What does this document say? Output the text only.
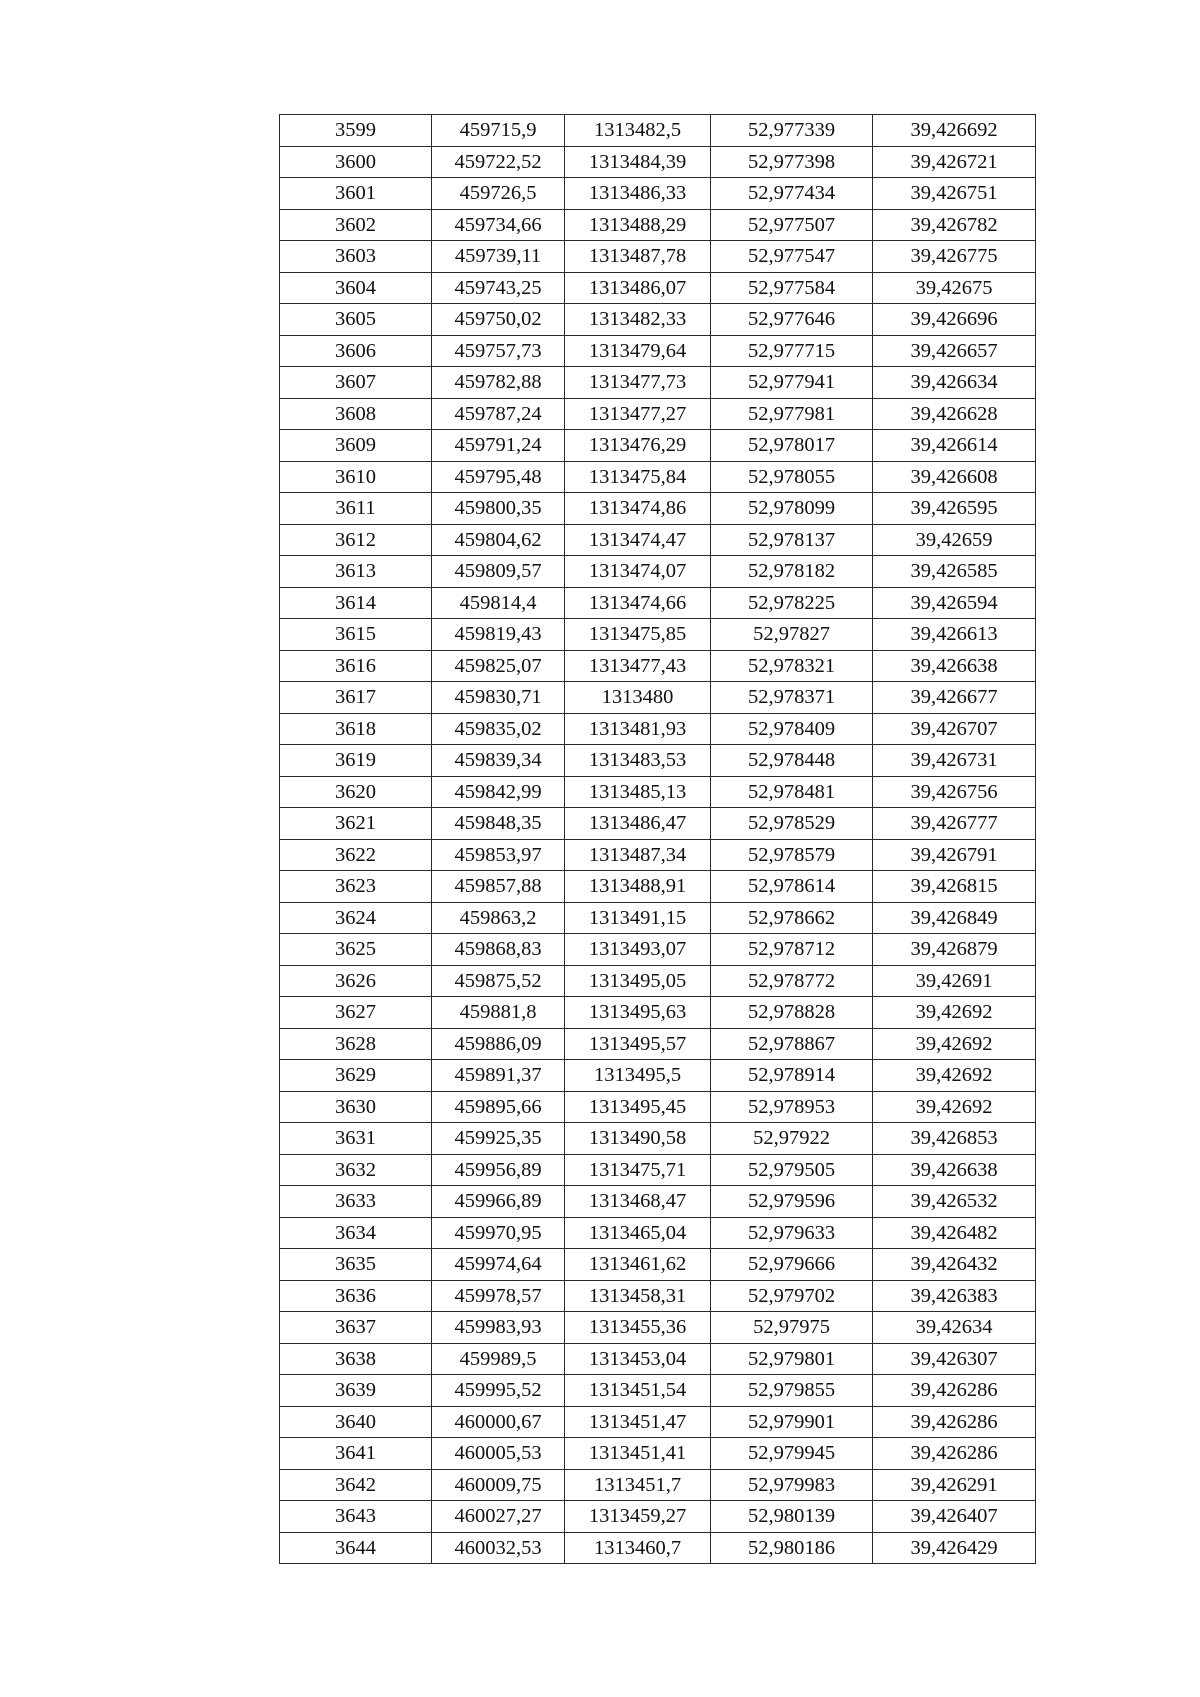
3599	459715,9	1313482,5	52,977339	39,426692
3600	459722,52	1313484,39	52,977398	39,426721
3601	459726,5	1313486,33	52,977434	39,426751
3602	459734,66	1313488,29	52,977507	39,426782
3603	459739,11	1313487,78	52,977547	39,426775
3604	459743,25	1313486,07	52,977584	39,42675
3605	459750,02	1313482,33	52,977646	39,426696
3606	459757,73	1313479,64	52,977715	39,426657
3607	459782,88	1313477,73	52,977941	39,426634
3608	459787,24	1313477,27	52,977981	39,426628
3609	459791,24	1313476,29	52,978017	39,426614
3610	459795,48	1313475,84	52,978055	39,426608
3611	459800,35	1313474,86	52,978099	39,426595
3612	459804,62	1313474,47	52,978137	39,42659
3613	459809,57	1313474,07	52,978182	39,426585
3614	459814,4	1313474,66	52,978225	39,426594
3615	459819,43	1313475,85	52,97827	39,426613
3616	459825,07	1313477,43	52,978321	39,426638
3617	459830,71	1313480	52,978371	39,426677
3618	459835,02	1313481,93	52,978409	39,426707
3619	459839,34	1313483,53	52,978448	39,426731
3620	459842,99	1313485,13	52,978481	39,426756
3621	459848,35	1313486,47	52,978529	39,426777
3622	459853,97	1313487,34	52,978579	39,426791
3623	459857,88	1313488,91	52,978614	39,426815
3624	459863,2	1313491,15	52,978662	39,426849
3625	459868,83	1313493,07	52,978712	39,426879
3626	459875,52	1313495,05	52,978772	39,42691
3627	459881,8	1313495,63	52,978828	39,42692
3628	459886,09	1313495,57	52,978867	39,42692
3629	459891,37	1313495,5	52,978914	39,42692
3630	459895,66	1313495,45	52,978953	39,42692
3631	459925,35	1313490,58	52,97922	39,426853
3632	459956,89	1313475,71	52,979505	39,426638
3633	459966,89	1313468,47	52,979596	39,426532
3634	459970,95	1313465,04	52,979633	39,426482
3635	459974,64	1313461,62	52,979666	39,426432
3636	459978,57	1313458,31	52,979702	39,426383
3637	459983,93	1313455,36	52,97975	39,42634
3638	459989,5	1313453,04	52,979801	39,426307
3639	459995,52	1313451,54	52,979855	39,426286
3640	460000,67	1313451,47	52,979901	39,426286
3641	460005,53	1313451,41	52,979945	39,426286
3642	460009,75	1313451,7	52,979983	39,426291
3643	460027,27	1313459,27	52,980139	39,426407
3644	460032,53	1313460,7	52,980186	39,426429
